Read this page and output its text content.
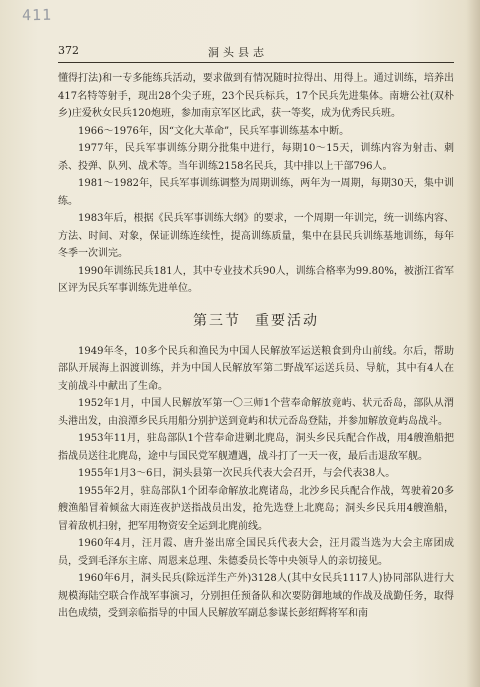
411
372	洞头县志

懂得打法)和一专多能练兵活动，要求做到有情况随时拉得出、用得上。通过训练，培养出417名特等射手，现出28个尖子班，23个民兵标兵，17个民兵先进集体。南塘公社(双朴乡)庄爱秋女民兵120炮班，参加南京军区比武，获一等奖，成为优秀民兵班。

1966～1976年，因“文化大革命”，民兵军事训练基本中断。

1977年，民兵军事训练分期分批集中进行，每期10～15天，训练内容为射击、刺杀、投弹、队列、战术等。当年训练2158名民兵，其中排以上干部796人。

1981～1982年，民兵军事训练调整为周期训练，两年为一周期，每期30天，集中训练。

1983年后，根据《民兵军事训练大纲》的要求，一个周期一年训完，统一训练内容、方法、时间、对象，保证训练连续性，提高训练质量，集中在县民兵训练基地训练，每年冬季一次训完。

1990年训练民兵181人，其中专业技术兵90人，训练合格率为99.80%，被浙江省军区评为民兵军事训练先进单位。

第三节 重要活动

1949年冬，10多个民兵和渔民为中国人民解放军运送粮食到舟山前线。尔后，帮助部队开展海上泅渡训练，并为中国人民解放军第二野战军运送兵员、导航，其中有4人在支前战斗中献出了生命。

1952年1月，中国人民解放军第一〇三师1个营奉命解放竟屿、状元岙岛，部队从渭头港出发，由浪潭乡民兵用船分别护送到竟屿和状元岙岛登陆，并参加解放竟屿岛战斗。

1953年11月，驻岛部队1个营奉命进剿北麂岛，洞头乡民兵配合作战，用4艘渔船把指战员送往北麂岛，途中与国民党军舰遭遇，战斗打了一天一夜，最后击退敌军舰。

1955年1月3～6日，洞头县第一次民兵代表大会召开，与会代表38人。

1955年2月，驻岛部队1个团奉命解放北麂诸岛，北沙乡民兵配合作战，驾驶着20多艘渔船冒着倾盆大雨连夜护送指战员出发，抢先选登上北麂岛；洞头乡民兵用4艘渔船，冒着敌机扫射，把军用物资安全运到北麂前线。

1960年4月，汪月霞、唐升崟出席全国民兵代表大会，汪月霞当选为大会主席团成员，受到毛泽东主席、周恩来总理、朱德委员长等中央领导人的亲切接见。

1960年6月，洞头民兵(除远洋生产外)3128人(其中女民兵1117人)协同部队进行大规模海陆空联合作战军事演习，分别担任预备队和次要防御地域的作战及战勤任务，取得出色成绩，受到亲临指导的中国人民解放军副总参谋长彭绍辉将军和南
